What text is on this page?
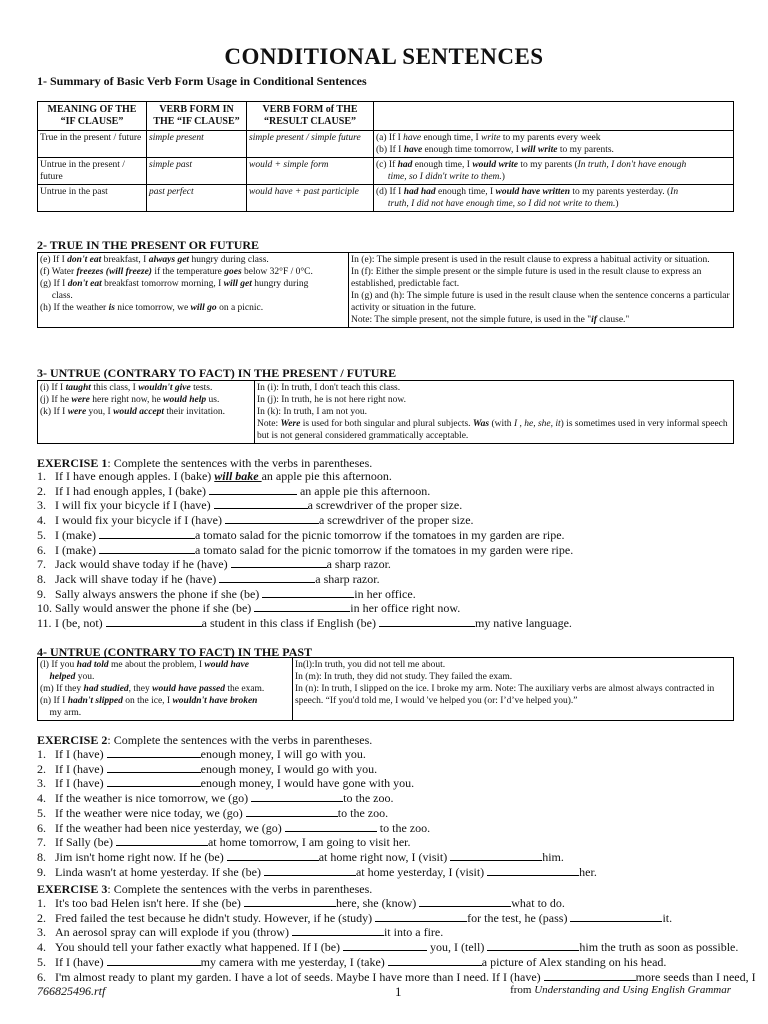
CONDITIONAL SENTENCES
1- Summary of Basic Verb Form Usage in Conditional Sentences
MEANING OF THE “IF CLAUSE”	VERB FORM IN THE “IF CLAUSE”	VERB FORM of THE “RESULT CLAUSE”	
True in the present / future	simple present	simple present / simple future	(a) If I have enough time, I write to my parents every week
(b) If I have enough time tomorrow, I will write to my parents.
Untrue in the present / future	simple past	would + simple form	(c) If had enough time, I would write to my parents (In truth, I don't have enough
time, so I didn't write to them.)
Untrue in the past	past perfect	would have + past participle	(d) If I had had enough time, I would have written to my parents yesterday. (In
truth, I did not have enough time, so I did not write to them.)
2- TRUE IN THE PRESENT OR FUTURE
(e) If I don't eat breakfast, I always get hungry during class.
(f) Water freezes (will freeze) if the temperature goes below 32°F / 0°C.
(g) If I don't eat breakfast tomorrow morning, I will get hungry during
class.
(h) If the weather is nice tomorrow, we will go on a picnic.	In (e): The simple present is used in the result clause to express a habitual activity or situation.
In (f): Either the simple present or the simple future is used in the result clause to express an established, predictable fact.
In (g) and (h): The simple future is used in the result clause when the sentence concerns a particular activity or situation in the future.
Note: The simple present, not the simple future, is used in the "if clause."
3- UNTRUE (CONTRARY TO FACT) IN THE PRESENT / FUTURE
(i) If I taught this class, I wouldn't give tests.
(j) If he were here right now, he would help us.
(k) If I were you, I would accept their invitation.	In (i): In truth, I don't teach this class.
In (j): In truth, he is not here right now.
In (k): In truth, I am not you.
Note: Were is used for both singular and plural subjects. Was (with I , he, she, it) is sometimes used in very informal speech but is not general considered grammatically acceptable.
EXERCISE 1: Complete the sentences with the verbs in parentheses.
1. If I have enough apples. I (bake) will bake an apple pie this afternoon.
2. If I had enough apples, I (bake)	an apple pie this afternoon.
3. I will fix your bicycle if I (have)	a screwdriver of the proper size.
4. I would fix your bicycle if I (have)	a screwdriver of the proper size.
5. I (make)	a tomato salad for the picnic tomorrow if the tomatoes in my garden are ripe.
6. I (make)	a tomato salad for the picnic tomorrow if the tomatoes in my garden were ripe.
7. Jack would shave today if he (have)	a sharp razor.
8. Jack will shave today if he (have)	a sharp razor.
9. Sally always answers the phone if she (be)	in her office.
10. Sally would answer the phone if she (be)	in her office right now.
11. I (be, not)	a student in this class if English (be)	my native language.
4- UNTRUE (CONTRARY TO FACT) IN THE PAST
(l) If you had told me about the problem, I would have
helped you.
(m) If they had studied, they would have passed the exam.
(n) If I hadn't slipped on the ice, I wouldn't have broken
my arm.	In(l):In truth, you did not tell me about.
In (m): In truth, they did not study. They failed the exam.
In (n): In truth, I slipped on the ice. I broke my arm. Note: The auxiliary verbs are almost always contracted in speech. “If you'd told me, I would 've helped you (or: I’d’ve helped you).”
EXERCISE 2: Complete the sentences with the verbs in parentheses.
1. If I (have)	enough money, I will go with you.
2. If I (have)	enough money, I would go with you.
3. If I (have)	enough money, I would have gone with you.
4. If the weather is nice tomorrow, we (go)	to the zoo.
5. If the weather were nice today, we (go)	to the zoo.
6. If the weather had been nice yesterday, we (go)	to the zoo.
7. If Sally (be)	at home tomorrow, I am going to visit her.
8. Jim isn't home right now. If he (be)	at home right now, I (visit)	him.
9. Linda wasn't at home yesterday. If she (be)	at home yesterday, I (visit)	her.
EXERCISE 3: Complete the sentences with the verbs in parentheses.
1. It's too bad Helen isn't here. If she (be)	here, she (know)	what to do.
2. Fred failed the test because he didn't study. However, if he (study)	for the test, he (pass)	it.
3. An aerosol spray can will explode if you (throw)	it into a fire.
4. You should tell your father exactly what happened. If I (be)	you, I (tell)	him the truth as soon as possible.
5. If I (have)	my camera with me yesterday, I (take)	a picture of Alex standing on his head.
6. I'm almost ready to plant my garden. I have a lot of seeds. Maybe I have more than I need. If I (have)	more seeds than I need, I
766825496.rtf	1	from Understanding and Using English Grammar
